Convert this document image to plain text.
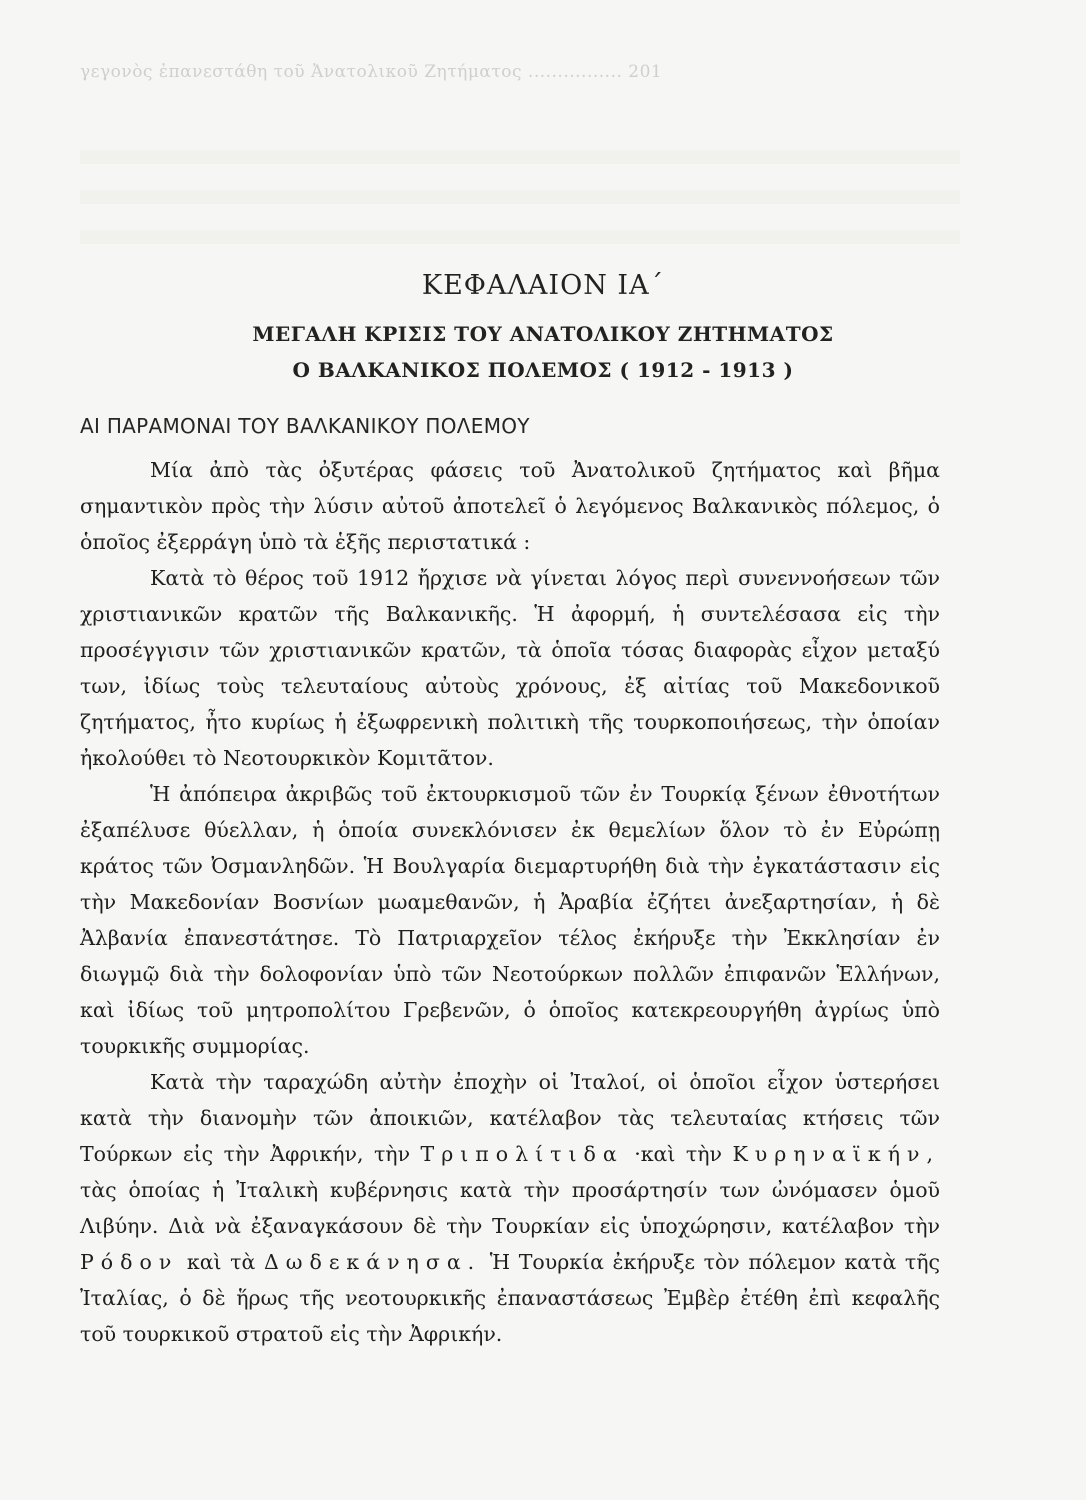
γεγονὸς ἐπανεστάθη τοῦ Ἀνατολικοῦ Ζητήματος ................ 201
ΚΕΦΑΛΑΙΟΝ ΙΑ΄
ΜΕΓΑΛΗ ΚΡΙΣΙΣ ΤΟΥ ΑΝΑΤΟΛΙΚΟΥ ΖΗΤΗΜΑΤΟΣ
Ο ΒΑΛΚΑΝΙΚΟΣ ΠΟΛΕΜΟΣ ( 1912 - 1913 )
ΑΙ ΠΑΡΑΜΟΝΑΙ ΤΟΥ ΒΑΛΚΑΝΙΚΟΥ ΠΟΛΕΜΟΥ

Μία ἀπὸ τὰς ὀξυτέρας φάσεις τοῦ Ἀνατολικοῦ ζητήματος καὶ βῆμα σημαντικὸν πρὸς τὴν λύσιν αὐτοῦ ἀποτελεῖ ὁ λεγόμενος Βαλκανικὸς πόλεμος, ὁ ὁποῖος ἐξερράγη ὑπὸ τὰ ἑξῆς περιστατικά :

Κατὰ τὸ θέρος τοῦ 1912 ἤρχισε νὰ γίνεται λόγος περὶ συνεννοήσεων τῶν χριστιανικῶν κρατῶν τῆς Βαλκανικῆς. Ἡ ἀφορμή, ἡ συντελέσασα εἰς τὴν προσέγγισιν τῶν χριστιανικῶν κρατῶν, τὰ ὁποῖα τόσας διαφορὰς εἶχον μεταξύ των, ἰδίως τοὺς τελευταίους αὐτοὺς χρόνους, ἐξ αἰτίας τοῦ Μακεδονικοῦ ζητήματος, ἦτο κυρίως ἡ ἐξωφρενικὴ πολιτικὴ τῆς τουρκοποιήσεως, τὴν ὁποίαν ἠκολούθει τὸ Νεοτουρκικὸν Κομιτᾶτον.

Ἡ ἀπόπειρα ἀκριβῶς τοῦ ἐκτουρκισμοῦ τῶν ἐν Τουρκίᾳ ξένων ἐθνοτήτων ἐξαπέλυσε θύελλαν, ἡ ὁποία συνεκλόνισεν ἐκ θεμελίων ὅλον τὸ ἐν Εὐρώπῃ κράτος τῶν Ὀσμανληδῶν. Ἡ Βουλγαρία διεμαρτυρήθη διὰ τὴν ἐγκατάστασιν εἰς τὴν Μακεδονίαν Βοσνίων μωαμεθανῶν, ἡ Ἀραβία ἐζήτει ἀνεξαρτησίαν, ἡ δὲ Ἀλβανία ἐπανεστάτησε. Τὸ Πατριαρχεῖον τέλος ἐκήρυξε τὴν Ἐκκλησίαν ἐν διωγμῷ διὰ τὴν δολοφονίαν ὑπὸ τῶν Νεοτούρκων πολλῶν ἐπιφανῶν Ἑλλήνων, καὶ ἰδίως τοῦ μητροπολίτου Γρεβενῶν, ὁ ὁποῖος κατεκρεουργήθη ἀγρίως ὑπὸ τουρκικῆς συμμορίας.

Κατὰ τὴν ταραχώδη αὐτὴν ἐποχὴν οἱ Ἰταλοί, οἱ ὁποῖοι εἶχον ὑστερήσει κατὰ τὴν διανομὴν τῶν ἀποικιῶν, κατέλαβον τὰς τελευταίας κτήσεις τῶν Τούρκων εἰς τὴν Ἀφρικήν, τὴν Τριπολίτιδα ·καὶ τὴν Κυρηναϊκήν, τὰς ὁποίας ἡ Ἰταλικὴ κυβέρνησις κατὰ τὴν προσάρτησίν των ὠνόμασεν ὁμοῦ Λιβύην. Διὰ νὰ ἐξαναγκάσουν δὲ τὴν Τουρκίαν εἰς ὑποχώρησιν, κατέλαβον τὴν Ρόδον καὶ τὰ Δωδεκάνησα. Ἡ Τουρκία ἐκήρυξε τὸν πόλεμον κατὰ τῆς Ἰταλίας, ὁ δὲ ἥρως τῆς νεοτουρκικῆς ἐπαναστάσεως Ἐμβὲρ ἐτέθη ἐπὶ κεφαλῆς τοῦ τουρκικοῦ στρατοῦ εἰς τὴν Ἀφρικήν.
